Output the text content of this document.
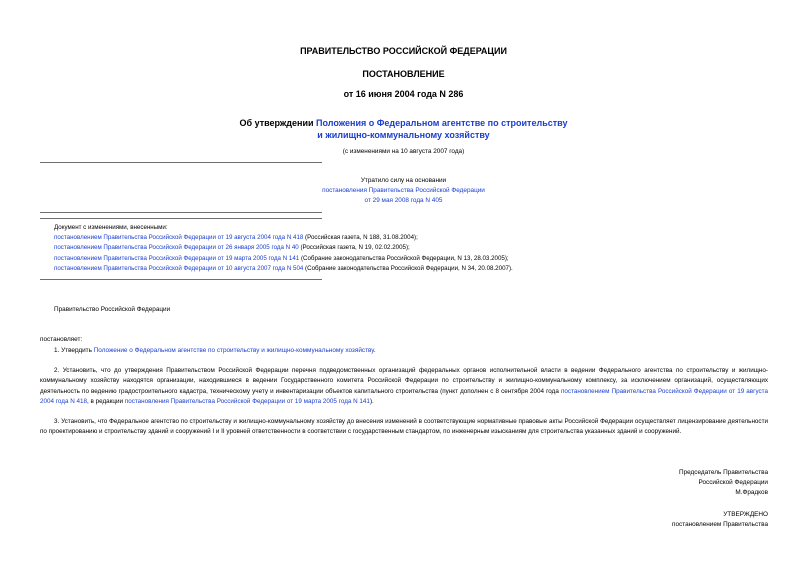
ПРАВИТЕЛЬСТВО РОССИЙСКОЙ ФЕДЕРАЦИИ
ПОСТАНОВЛЕНИЕ
от 16 июня 2004 года N 286
Об утверждении Положения о Федеральном агентстве по строительству
и жилищно-коммунальному хозяйству
(с изменениями на 10 августа 2007 года)
Утратило силу на основании
постановления Правительства Российской Федерации
от 29 мая 2008 года N 405
Документ с изменениями, внесенными:
постановлением Правительства Российской Федерации от 19 августа 2004 года N 418 (Российская газета, N 188, 31.08.2004);
постановлением Правительства Российской Федерации от 26 января 2005 года N 40 (Российская газета, N 19, 02.02.2005);
постановлением Правительства Российской Федерации от 19 марта 2005 года N 141 (Собрание законодательства Российской Федерации, N 13, 28.03.2005);
постановлением Правительства Российской Федерации от 10 августа 2007 года N 504 (Собрание законодательства Российской Федерации, N 34, 20.08.2007).
Правительство Российской Федерации
постановляет:
1. Утвердить Положение о Федеральном агентстве по строительству и жилищно-коммунальному хозяйству.
2. Установить, что до утверждения Правительством Российской Федерации перечня подведомственных организаций федеральных органов исполнительной власти в ведении Федерального агентства по строительству и жилищно-коммунальному хозяйству находятся организации, находившиеся в ведении Государственного комитета Российской Федерации по строительству и жилищно-коммунальному комплексу, за исключением организаций, осуществляющих деятельность по ведению градостроительного кадастра, техническому учету и инвентаризации объектов капитального строительства (пункт дополнен с 8 сентября 2004 года постановлением Правительства Российской Федерации от 19 августа 2004 года N 418, в редакции постановления Правительства Российской Федерации от 19 марта 2005 года N 141).
3. Установить, что Федеральное агентство по строительству и жилищно-коммунальному хозяйству до внесения изменений в соответствующие нормативные правовые акты Российской Федерации осуществляет лицензирование деятельности по проектированию и строительству зданий и сооружений I и II уровней ответственности в соответствии с государственным стандартом, по инженерным изысканиям для строительства указанных зданий и сооружений.
Председатель Правительства
Российской Федерации
М.Фрадков
УТВЕРЖДЕНО
постановлением Правительства
